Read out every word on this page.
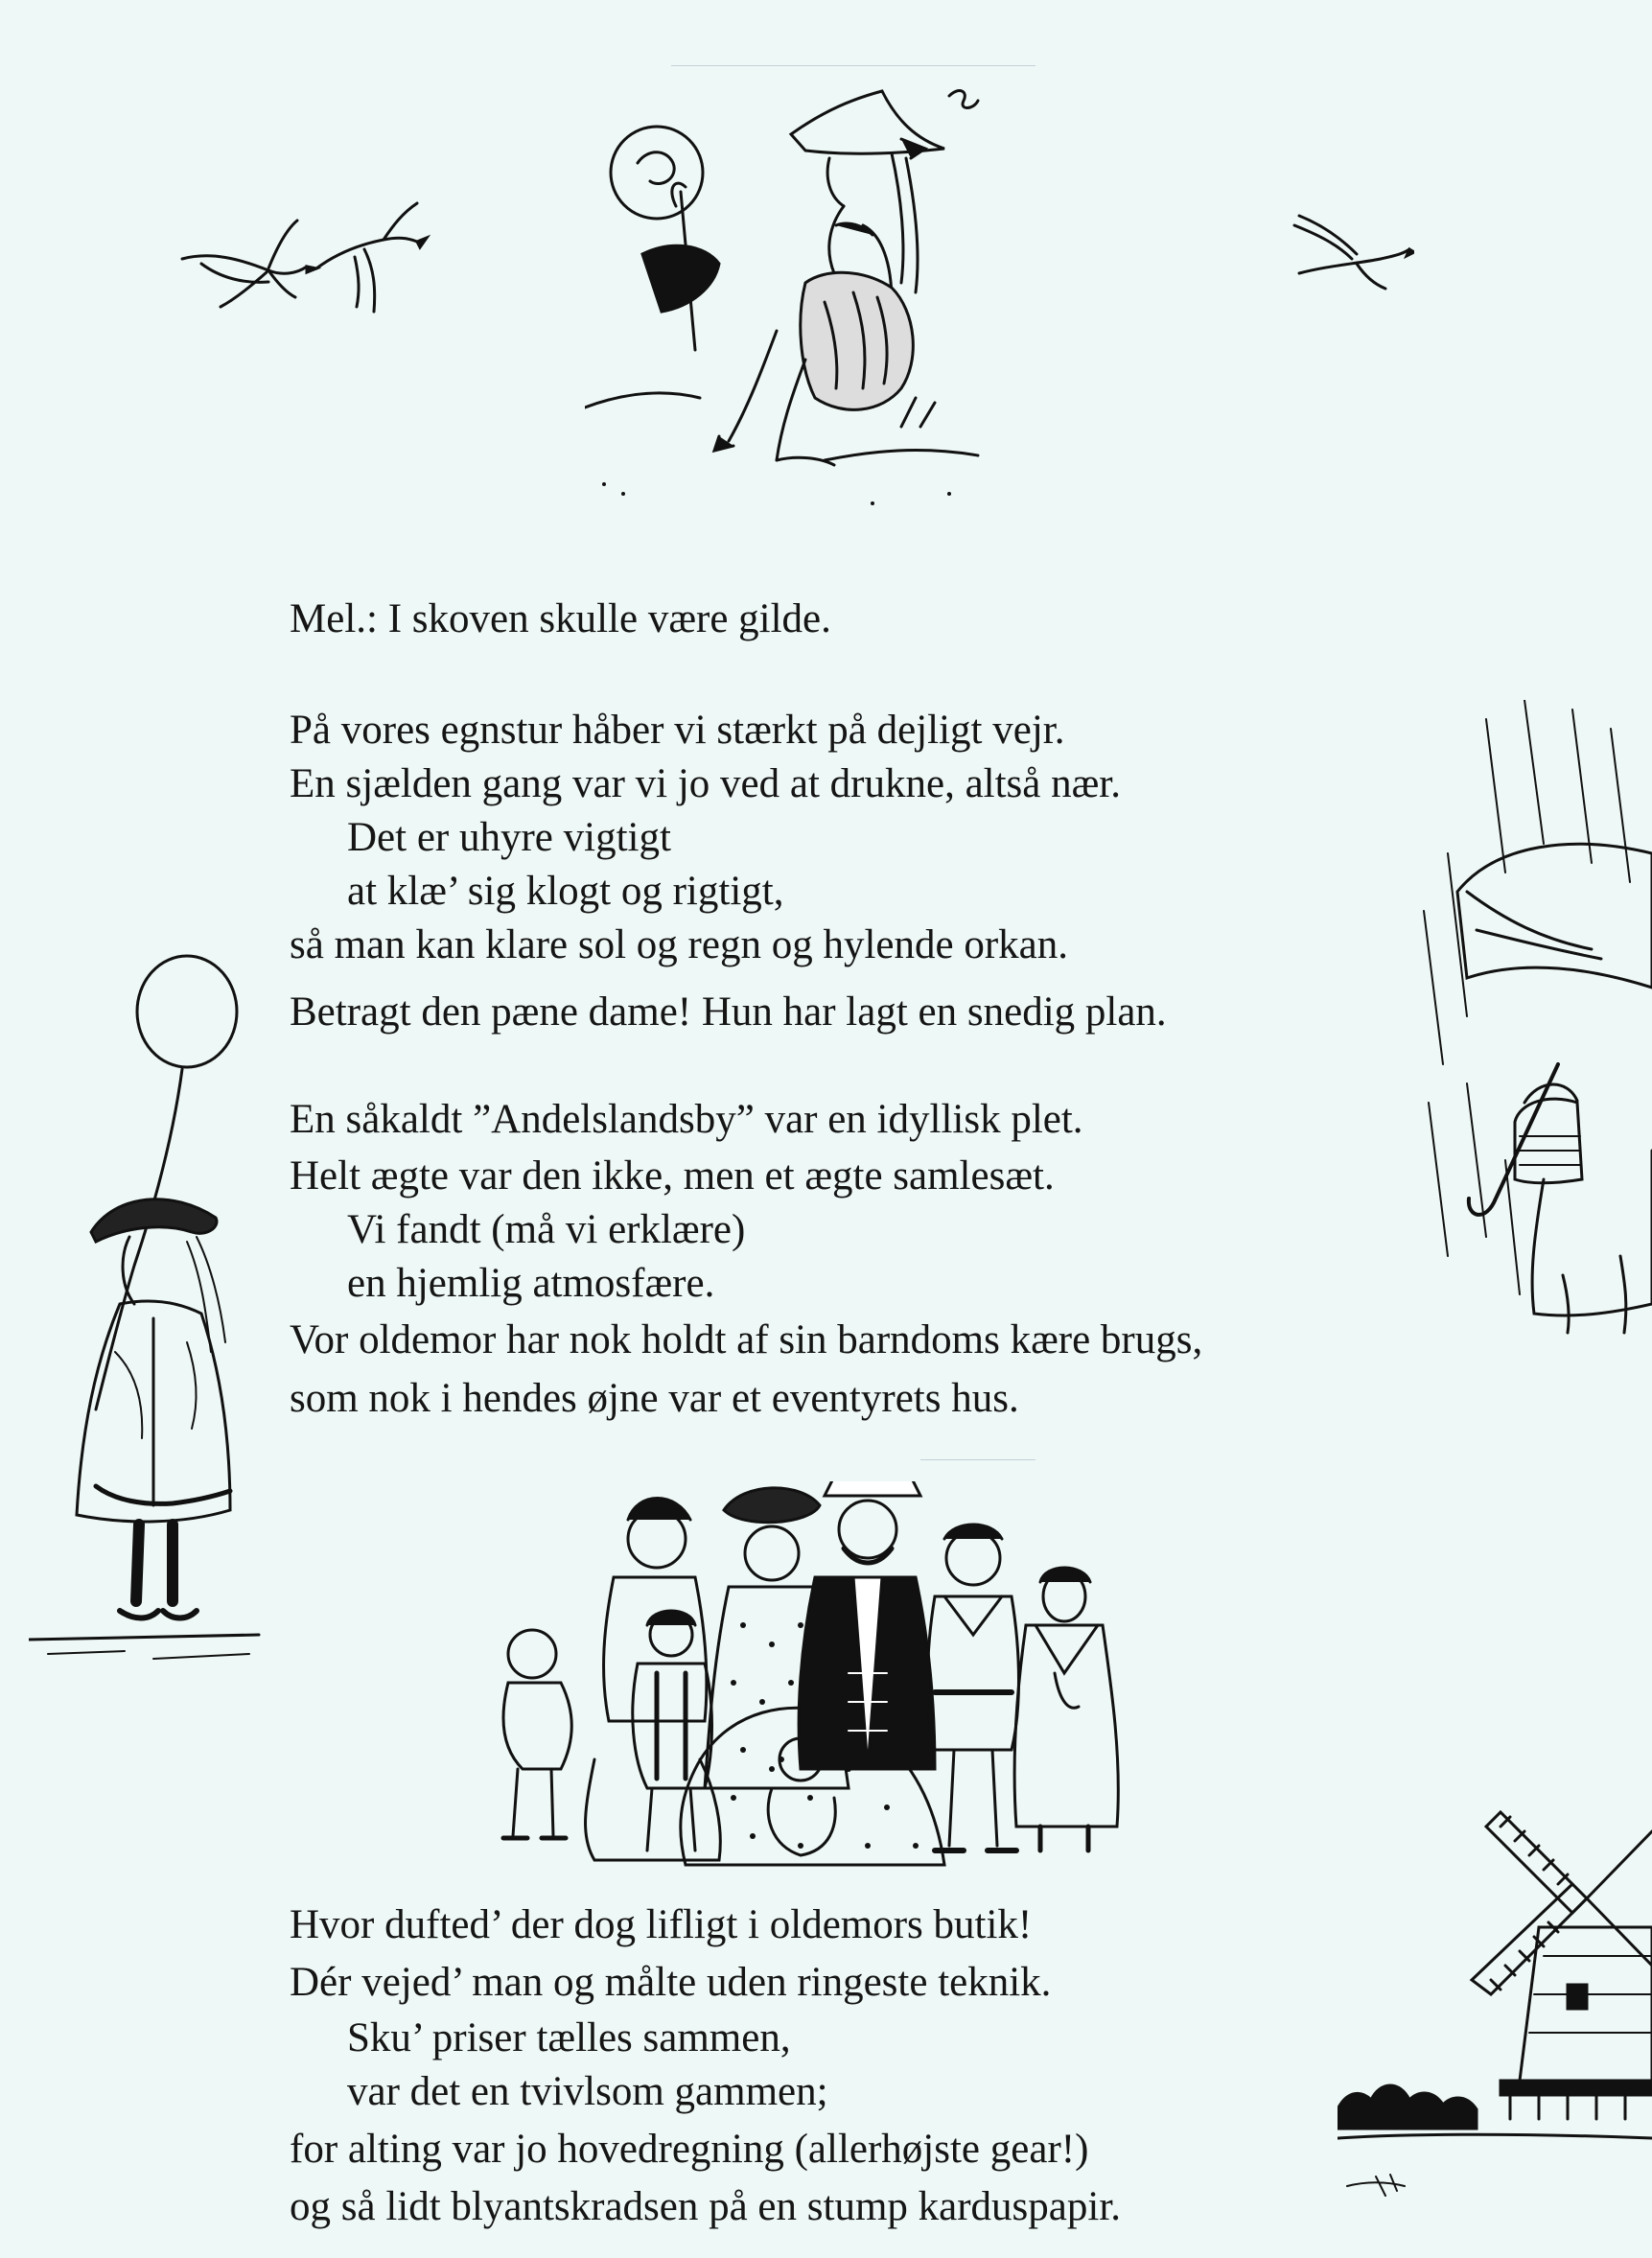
Mel.: I skoven skulle være gilde.
På vores egnstur håber vi stærkt på dejligt vejr.
En sjælden gang var vi jo ved at drukne, altså nær.
Det er uhyre vigtigt
at klæ’ sig klogt og rigtigt,
så man kan klare sol og regn og hylende orkan.
Betragt den pæne dame! Hun har lagt en snedig plan.
En såkaldt ”Andelslandsby” var en idyllisk plet.
Helt ægte var den ikke, men et ægte samlesæt.
Vi fandt (må vi erklære)
en hjemlig atmosfære.
Vor oldemor har nok holdt af sin barndoms kære brugs,
som nok i hendes øjne var et eventyrets hus.
Hvor dufted’ der dog lifligt i oldemors butik!
Dér vejed’ man og målte uden ringeste teknik.
Sku’ priser tælles sammen,
var det en tvivlsom gammen;
for alting var jo hovedregning (allerhøjste gear!)
og så lidt blyantskradsen på en stump karduspapir.
